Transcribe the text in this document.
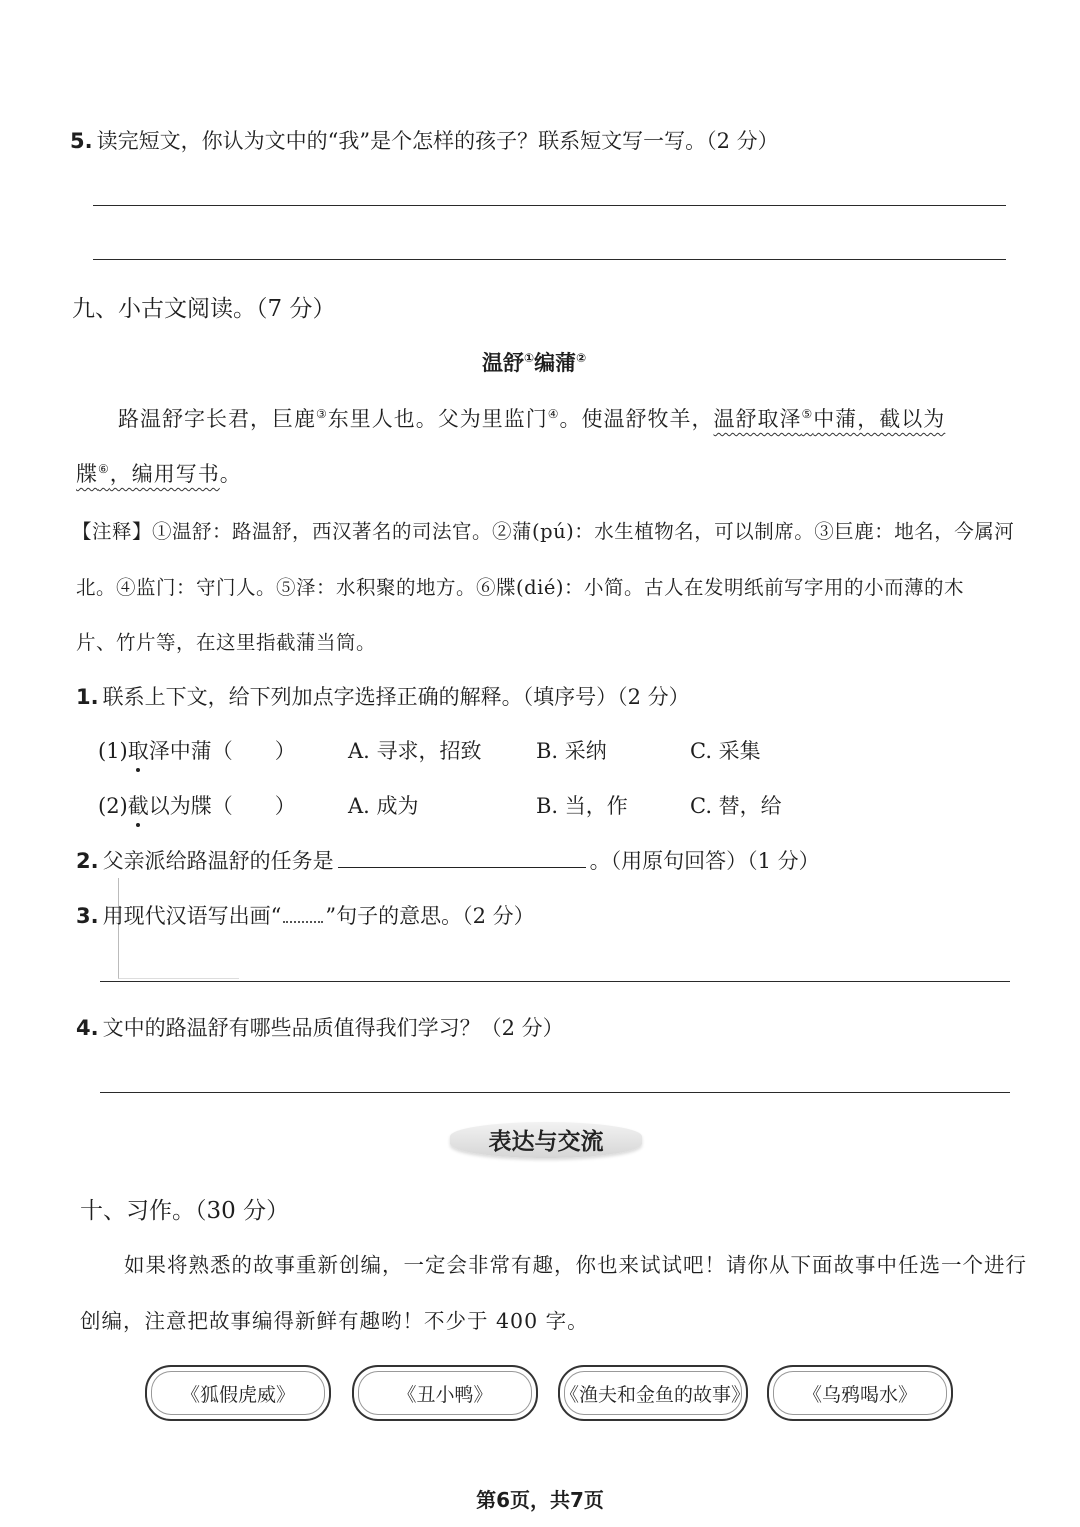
5. 读完短文，你认为文中的“我”是个怎样的孩子？联系短文写一写。（2 分）
九、小古文阅读。（7 分）
温舒①编蒲②
路温舒字长君，巨鹿③东里人也。父为里监门④。使温舒牧羊，温舒取泽⑤中蒲，截以为
牒⑥，编用写书。
【注释】①温舒：路温舒，西汉著名的司法官。②蒲(pú)：水生植物名，可以制席。③巨鹿：地名，今属河
北。④监门：守门人。⑤泽：水积聚的地方。⑥牒(dié)：小简。古人在发明纸前写字用的小而薄的木
片、竹片等，在这里指截蒲当筒。
1. 联系上下文，给下列加点字选择正确的解释。（填序号）（2 分）
(1)取泽中蒲（　　） A. 寻求，招致	B. 采纳	C. 采集
(2)截以为牒（　　） A. 成为	B. 当，作	C. 替，给
2. 父亲派给路温舒的任务是	。（用原句回答）（1 分）
3. 用现代汉语写出画“ ”句子的意思。（2 分）
4. 文中的路温舒有哪些品质值得我们学习？（2 分）
表达与交流
十、习作。（30 分）
如果将熟悉的故事重新创编，一定会非常有趣，你也来试试吧！请你从下面故事中任选一个进行
创编，注意把故事编得新鲜有趣哟！不少于 400 字。
《狐假虎威》	《丑小鸭》	《渔夫和金鱼的故事》	《乌鸦喝水》
第6页，共7页
